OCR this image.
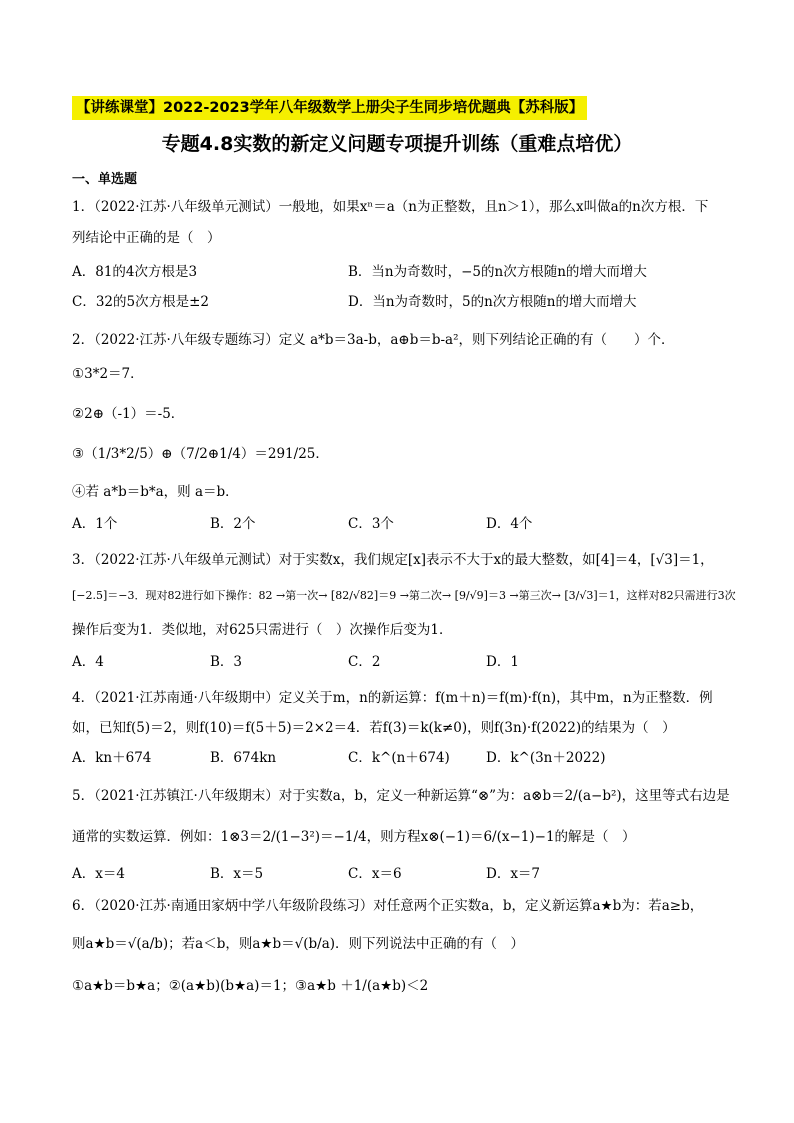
【讲练课堂】2022-2023学年八年级数学上册尖子生同步培优题典【苏科版】
专题4.8实数的新定义问题专项提升训练（重难点培优）
一、单选题
1．（2022·江苏·八年级单元测试）一般地，如果xⁿ＝a（n为正整数，且n＞1），那么x叫做a的n次方根．下
列结论中正确的是（　）
A．81的4次方根是3	B．当n为奇数时，−5的n次方根随n的增大而增大
C．32的5次方根是±2	D．当n为奇数时，5的n次方根随n的增大而增大
2．（2022·江苏·八年级专题练习）定义 a*b＝3a-b，a⊕b＝b-a²，则下列结论正确的有（　　）个．
①3*2＝7．
②2⊕（-1）＝-5．
③（1/3*2/5）⊕（7/2⊕1/4）＝291/25．
④若 a*b＝b*a，则 a＝b．
A．1个	B．2个	C．3个	D．4个
3．（2022·江苏·八年级单元测试）对于实数x，我们规定[x]表示不大于x的最大整数，如[4]＝4，[√3]＝1，
[−2.5]＝−3．现对82进行如下操作：82 →第一次→ [82/√82]＝9 →第二次→ [9/√9]＝3 →第三次→ [3/√3]＝1，这样对82只需进行3次
操作后变为1．类似地，对625只需进行（　）次操作后变为1．
A．4	B．3	C．2	D．1
4．（2021·江苏南通·八年级期中）定义关于m，n的新运算：f(m＋n)＝f(m)·f(n)，其中m，n为正整数．例
如，已知f(5)＝2，则f(10)＝f(5＋5)＝2×2＝4．若f(3)＝k(k≠0)，则f(3n)·f(2022)的结果为（　）
A．kn＋674	B．674kn	C．k^(n＋674)	D．k^(3n＋2022)
5．（2021·江苏镇江·八年级期末）对于实数a，b，定义一种新运算“⊗”为：a⊗b＝2/(a−b²)，这里等式右边是
通常的实数运算．例如：1⊗3＝2/(1−3²)＝−1/4，则方程x⊗(−1)＝6/(x−1)−1的解是（　）
A．x＝4	B．x＝5	C．x＝6	D．x＝7
6．（2020·江苏·南通田家炳中学八年级阶段练习）对任意两个正实数a，b，定义新运算a★b为：若a≥b，
则a★b＝√(a/b)；若a＜b，则a★b＝√(b/a)．则下列说法中正确的有（　）
①a★b＝b★a；②(a★b)(b★a)＝1；③a★b ＋1/(a★b)＜2
